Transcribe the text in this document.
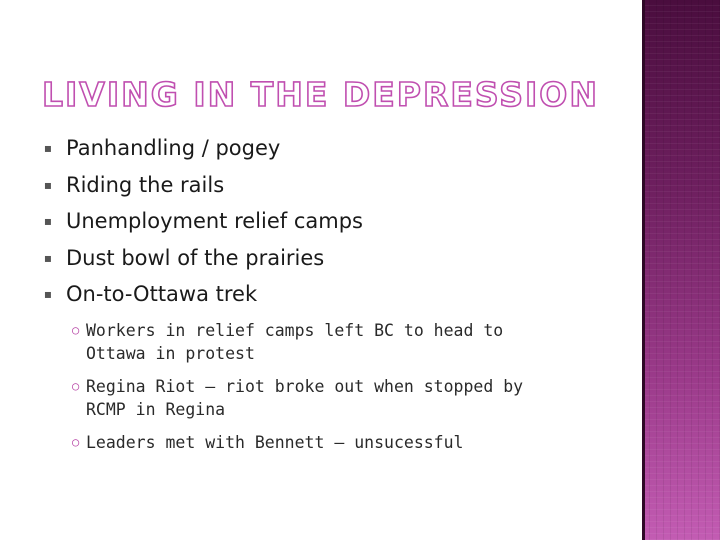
LIVING IN THE DEPRESSION
▪ Panhandling / pogey
▪ Riding the rails
▪ Unemployment relief camps
▪ Dust bowl of the prairies
▪ On-to-Ottawa trek
○ Workers in relief camps left BC to head to Ottawa in protest
○ Regina Riot – riot broke out when stopped by RCMP in Regina
○ Leaders met with Bennett – unsucessful
